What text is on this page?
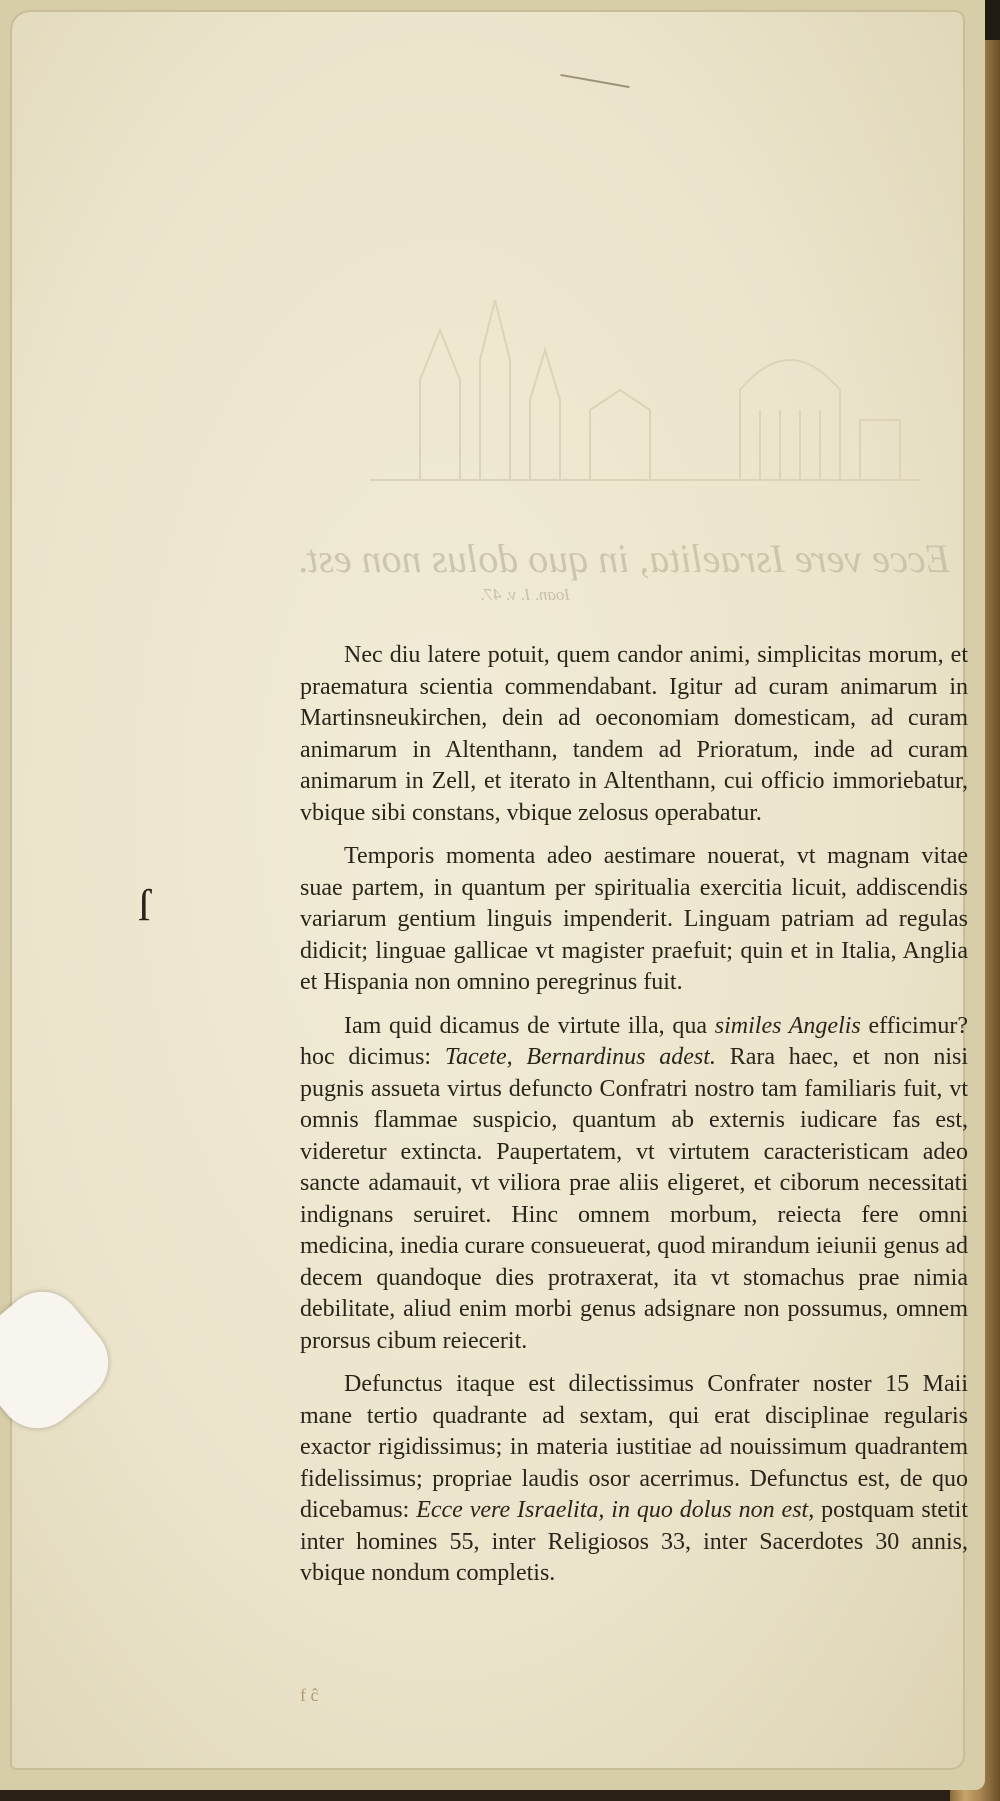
Ecce vere Israelita, in quo dolus non est.
Ioan. I. v. 47.
ſ

Nec diu latere potuit, quem candor animi, simplicitas morum, et praematura scientia commendabant. Igitur ad curam animarum in Martinsneukirchen, dein ad oeconomiam domesticam, ad curam animarum in Altenthann, tandem ad Prioratum, inde ad curam animarum in Zell, et iterato in Altenthann, cui officio immoriebatur, vbique sibi constans, vbique zelosus operabatur.

Temporis momenta adeo aestimare nouerat, vt magnam vitae suae partem, in quantum per spiritualia exercitia licuit, addiscendis variarum gentium linguis impenderit. Linguam patriam ad regulas didicit; linguae gallicae vt magister praefuit; quin et in Italia, Anglia et Hispania non omnino peregrinus fuit.

Iam quid dicamus de virtute illa, qua similes Angelis efficimur? hoc dicimus: Tacete, Bernardinus adest. Rara haec, et non nisi pugnis assueta virtus defuncto Confratri nostro tam familiaris fuit, vt omnis flammae suspicio, quantum ab externis iudicare fas est, videretur extincta. Paupertatem, vt virtutem caracteristicam adeo sancte adamauit, vt viliora prae aliis eligeret, et ciborum necessitati indignans seruiret. Hinc omnem morbum, reiecta fere omni medicina, inedia curare consueuerat, quod mirandum ieiunii genus ad decem quandoque dies protraxerat, ita vt stomachus prae nimia debilitate, aliud enim morbi genus adsignare non possumus, omnem prorsus cibum reiecerit.

Defunctus itaque est dilectissimus Confrater noster 15 Maii mane tertio quadrante ad sextam, qui erat disciplinae regularis exactor rigidissimus; in materia iustitiae ad nouissimum quadrantem fidelissimus; propriae laudis osor acerrimus. Defunctus est, de quo dicebamus: Ecce vere Israelita, in quo dolus non est, postquam stetit inter homines 55, inter Religiosos 33, inter Sacerdotes 30 annis, vbique nondum completis.

f ĉ
